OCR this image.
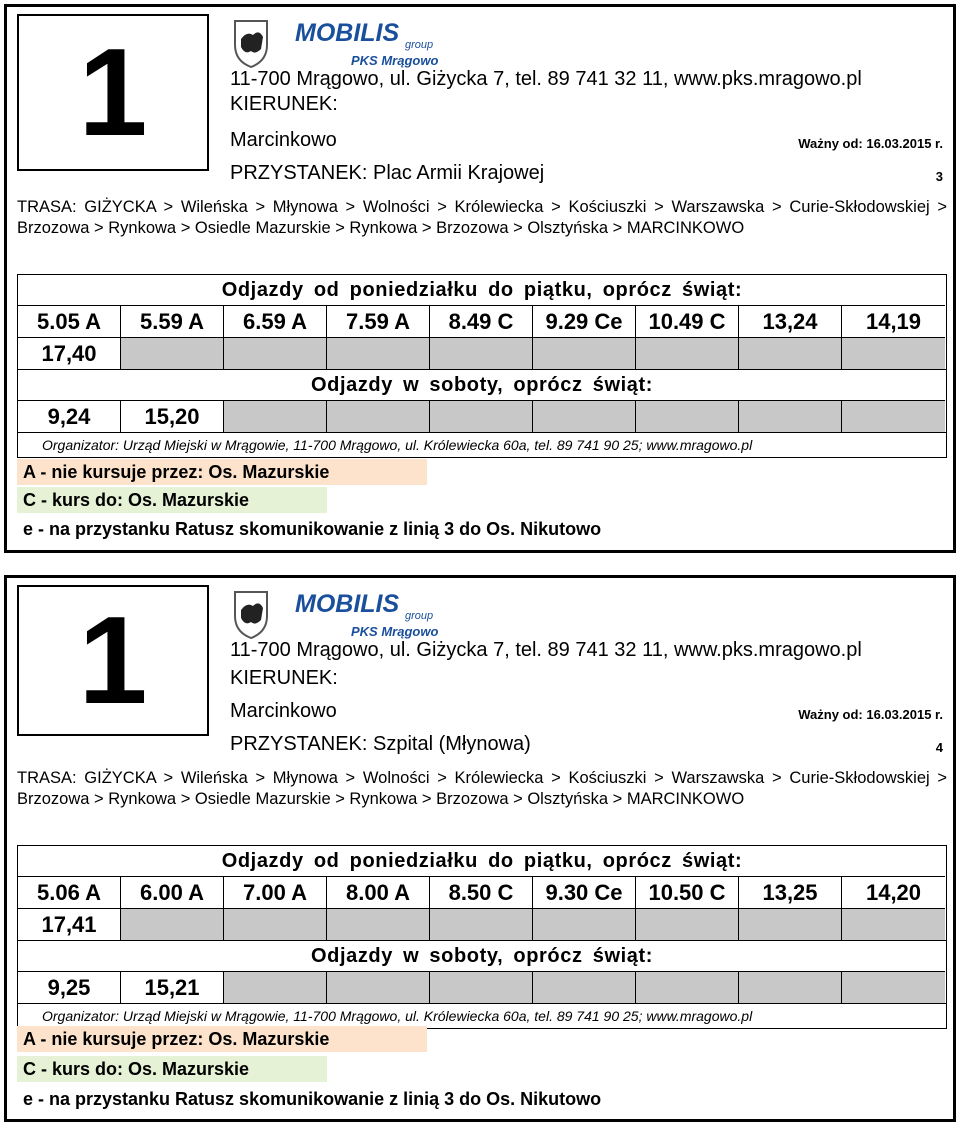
1	MOBILIS group
PKS Mrągowo
11-700 Mrągowo, ul. Giżycka 7, tel. 89 741 32 11, www.pks.mragowo.pl
KIERUNEK:
Marcinkowo	Ważny od: 16.03.2015 r.
PRZYSTANEK: Plac Armii Krajowej	3
TRASA: GIŻYCKA > Wileńska > Młynowa > Wolności > Królewiecka > Kościuszki > Warszawska > Curie-Skłodowskiej > Brzozowa > Rynkowa > Osiedle Mazurskie > Rynkowa > Brzozowa > Olsztyńska > MARCINKOWO
Odjazdy od poniedziałku do piątku, oprócz świąt:
5.05 A	5.59 A	6.59 A	7.59 A	8.49 C	9.29 Ce	10.49 C	13,24	14,19
17,40
Odjazdy w soboty, oprócz świąt:
9,24	15,20
Organizator: Urząd Miejski w Mrągowie, 11-700 Mrągowo, ul. Królewiecka 60a, tel. 89 741 90 25; www.mragowo.pl
A - nie kursuje przez: Os. Mazurskie
C - kurs do: Os. Mazurskie
e - na przystanku Ratusz skomunikowanie z linią 3 do Os. Nikutowo
1	MOBILIS group
PKS Mrągowo
11-700 Mrągowo, ul. Giżycka 7, tel. 89 741 32 11, www.pks.mragowo.pl
KIERUNEK:
Marcinkowo	Ważny od: 16.03.2015 r.
PRZYSTANEK: Szpital (Młynowa)	4
TRASA: GIŻYCKA > Wileńska > Młynowa > Wolności > Królewiecka > Kościuszki > Warszawska > Curie-Skłodowskiej > Brzozowa > Rynkowa > Osiedle Mazurskie > Rynkowa > Brzozowa > Olsztyńska > MARCINKOWO
Odjazdy od poniedziałku do piątku, oprócz świąt:
5.06 A	6.00 A	7.00 A	8.00 A	8.50 C	9.30 Ce	10.50 C	13,25	14,20
17,41
Odjazdy w soboty, oprócz świąt:
9,25	15,21
Organizator: Urząd Miejski w Mrągowie, 11-700 Mrągowo, ul. Królewiecka 60a, tel. 89 741 90 25; www.mragowo.pl
A - nie kursuje przez: Os. Mazurskie
C - kurs do: Os. Mazurskie
e - na przystanku Ratusz skomunikowanie z linią 3 do Os. Nikutowo
